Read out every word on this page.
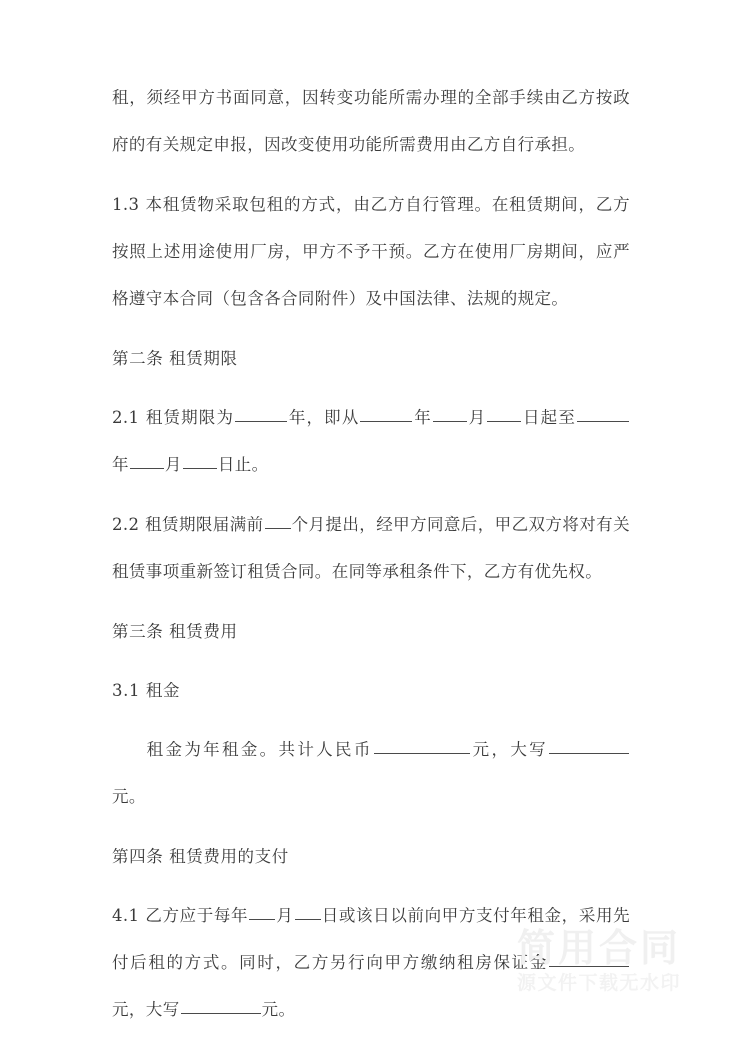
租，须经甲方书面同意，因转变功能所需办理的全部手续由乙方按政府的有关规定申报，因改变使用功能所需费用由乙方自行承担。

1.3 本租赁物采取包租的方式，由乙方自行管理。在租赁期间，乙方按照上述用途使用厂房，甲方不予干预。乙方在使用厂房期间，应严格遵守本合同（包含各合同附件）及中国法律、法规的规定。

第二条 租赁期限

2.1 租赁期限为	年，即从	年 月 日起至年 月 日止。

2.2 租赁期限届满前 个月提出，经甲方同意后，甲乙双方将对有关租赁事项重新签订租赁合同。在同等承租条件下，乙方有优先权。

第三条 租赁费用

3.1 租金

租金为年租金。共计人民币	元，大写元。

第四条 租赁费用的支付

4.1 乙方应于每年 月 日或该日以前向甲方支付年租金，采用先付后租的方式。同时，乙方另行向甲方缴纳租房保证金元，大写	元。

简用合同
源文件下载无水印
